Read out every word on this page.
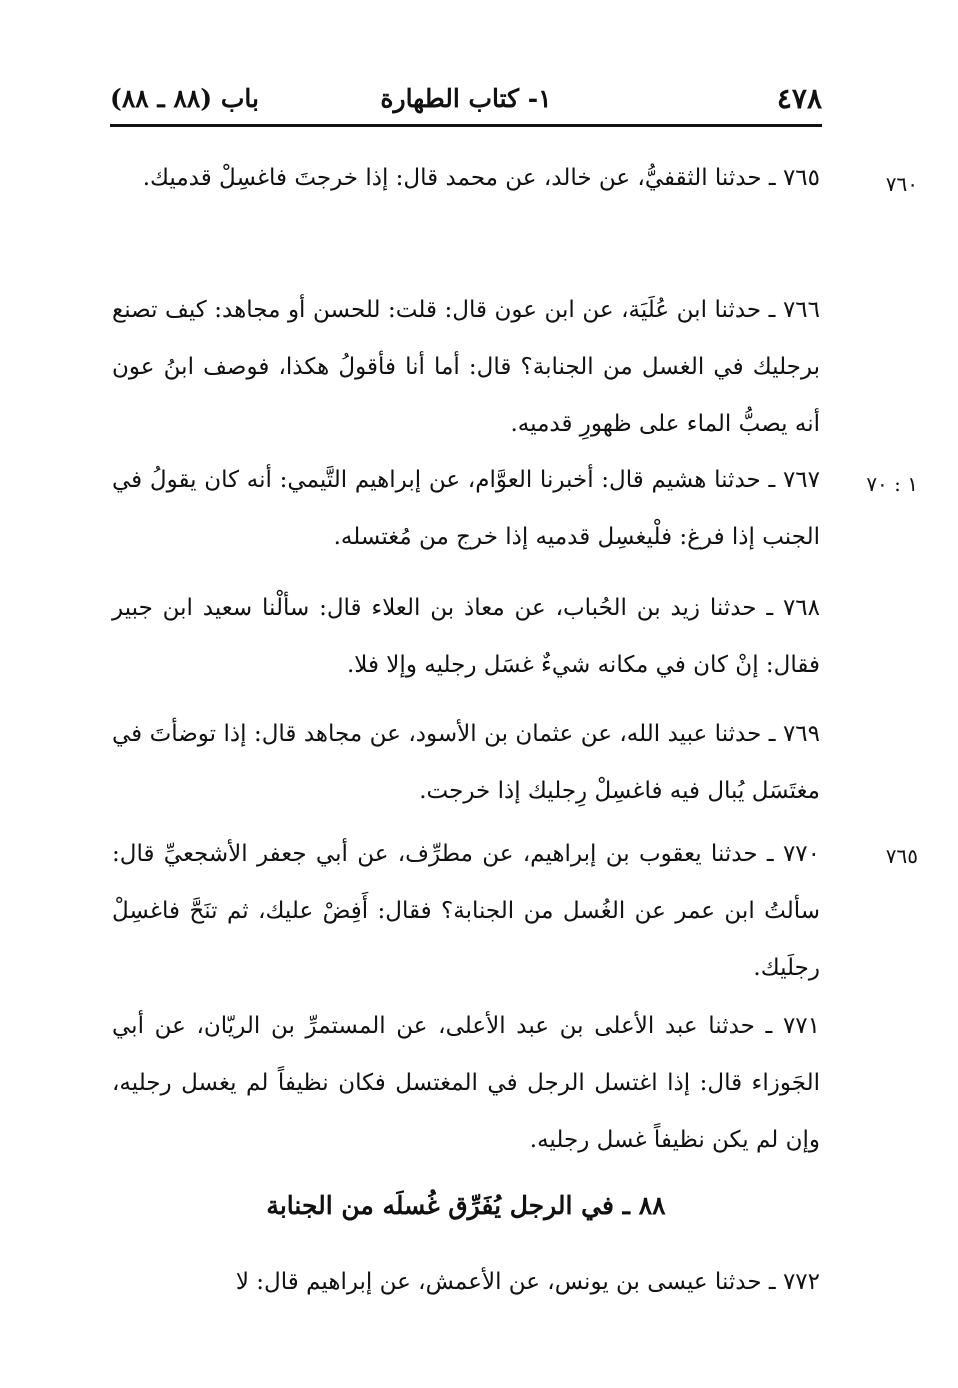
٤٧٨
١- كتاب الطهارة
باب (٨٨ ـ ٨٨)
٧٦٠
١ : ٧٠
٧٦٥
٧٦٥ ـ حدثنا الثقفيُّ، عن خالد، عن محمد قال: إذا خرجتَ فاغسِلْ قدميك.
٧٦٦ ـ حدثنا ابن عُلَيَة، عن ابن عون قال: قلت: للحسن أو مجاهد: كيف تصنع برجليك في الغسل من الجنابة؟ قال: أما أنا فأقولُ هكذا، فوصف ابنُ عون أنه يصبُّ الماء على ظهورِ قدميه.
٧٦٧ ـ حدثنا هشيم قال: أخبرنا العوَّام، عن إبراهيم التَّيمي: أنه كان يقولُ في الجنب إذا فرغ: فلْيغسِل قدميه إذا خرج من مُغتسله.
٧٦٨ ـ حدثنا زيد بن الحُباب، عن معاذ بن العلاء قال: سألْنا سعيد ابن جبير فقال: إنْ كان في مكانه شيءٌ غسَل رجليه وإلا فلا.
٧٦٩ ـ حدثنا عبيد الله، عن عثمان بن الأسود، عن مجاهد قال: إذا توضأتَ في مغتَسَل يُبال فيه فاغسِلْ رِجليك إذا خرجت.
٧٧٠ ـ حدثنا يعقوب بن إبراهيم، عن مطرِّف، عن أبي جعفر الأشجعيِّ قال: سألتُ ابن عمر عن الغُسل من الجنابة؟ فقال: أَفِضْ عليك، ثم تنَحَّ فاغسِلْ رجلَيك.
٧٧١ ـ حدثنا عبد الأعلى بن عبد الأعلى، عن المستمرِّ بن الريّان، عن أبي الجَوزاء قال: إذا اغتسل الرجل في المغتسل فكان نظيفاً لم يغسل رجليه، وإن لم يكن نظيفاً غسل رجليه.
٨٨ ـ في الرجل يُفَرِّق غُسلَه من الجنابة
٧٧٢ ـ حدثنا عيسى بن يونس، عن الأعمش، عن إبراهيم قال: لا
